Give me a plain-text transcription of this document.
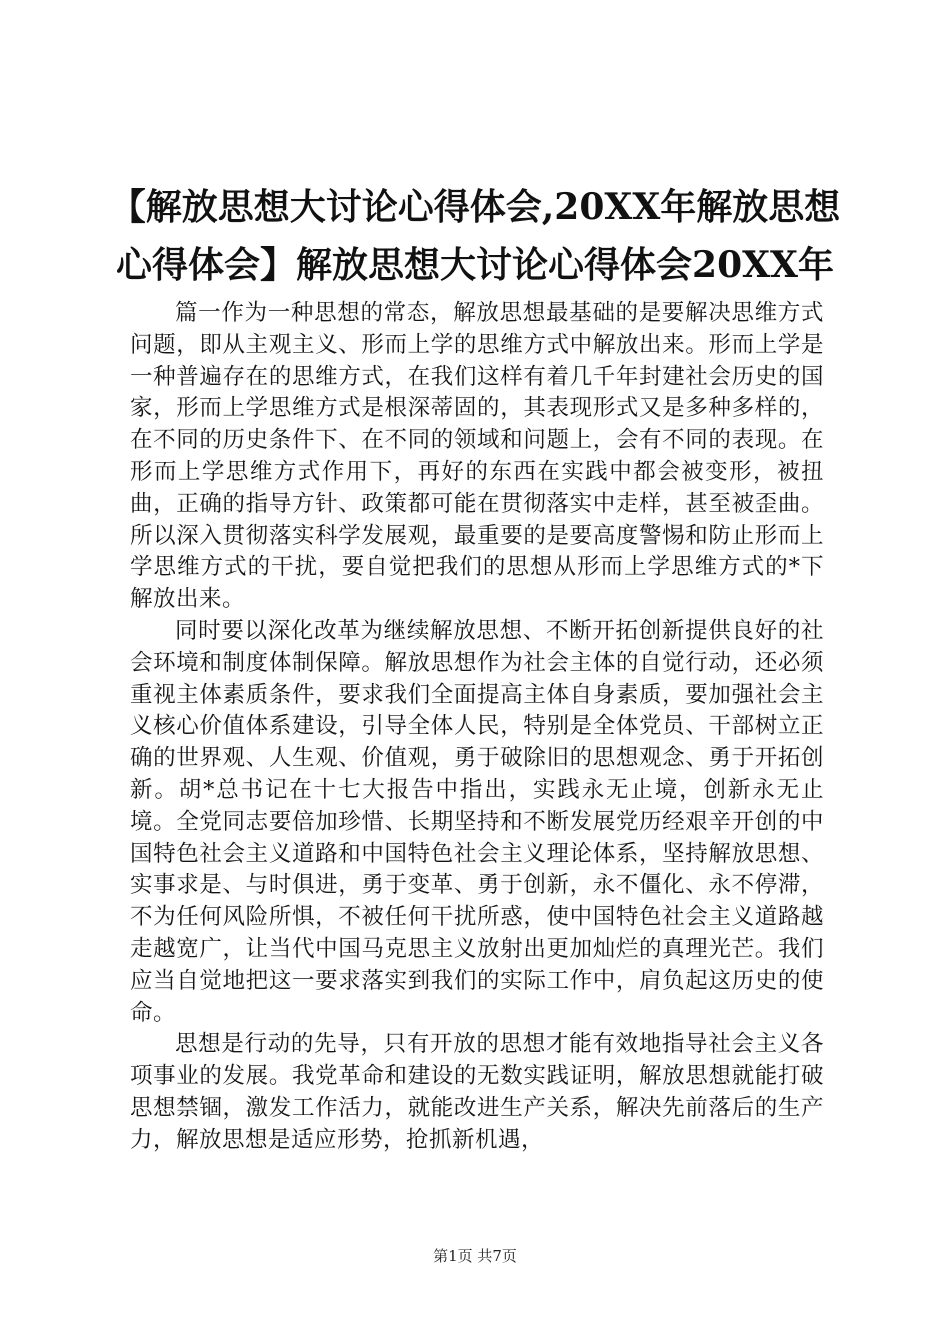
【解放思想大讨论心得体会,20XX年解放思想
心得体会】解放思想大讨论心得体会20XX年

篇一作为一种思想的常态，解放思想最基础的是要解决思维方式问题，即从主观主义、形而上学的思维方式中解放出来。形而上学是一种普遍存在的思维方式，在我们这样有着几千年封建社会历史的国家，形而上学思维方式是根深蒂固的，其表现形式又是多种多样的，在不同的历史条件下、在不同的领域和问题上，会有不同的表现。在形而上学思维方式作用下，再好的东西在实践中都会被变形，被扭曲，正确的指导方针、政策都可能在贯彻落实中走样，甚至被歪曲。所以深入贯彻落实科学发展观，最重要的是要高度警惕和防止形而上学思维方式的干扰，要自觉把我们的思想从形而上学思维方式的*下解放出来。

同时要以深化改革为继续解放思想、不断开拓创新提供良好的社会环境和制度体制保障。解放思想作为社会主体的自觉行动，还必须重视主体素质条件，要求我们全面提高主体自身素质，要加强社会主义核心价值体系建设，引导全体人民，特别是全体党员、干部树立正确的世界观、人生观、价值观，勇于破除旧的思想观念、勇于开拓创新。胡*总书记在十七大报告中指出，实践永无止境，创新永无止境。全党同志要倍加珍惜、长期坚持和不断发展党历经艰辛开创的中国特色社会主义道路和中国特色社会主义理论体系，坚持解放思想、实事求是、与时俱进，勇于变革、勇于创新，永不僵化、永不停滞，不为任何风险所惧，不被任何干扰所惑，使中国特色社会主义道路越走越宽广，让当代中国马克思主义放射出更加灿烂的真理光芒。我们应当自觉地把这一要求落实到我们的实际工作中，肩负起这历史的使命。

思想是行动的先导，只有开放的思想才能有效地指导社会主义各项事业的发展。我党革命和建设的无数实践证明，解放思想就能打破思想禁锢，激发工作活力，就能改进生产关系，解决先前落后的生产力，解放思想是适应形势，抢抓新机遇，

第1页 共7页
